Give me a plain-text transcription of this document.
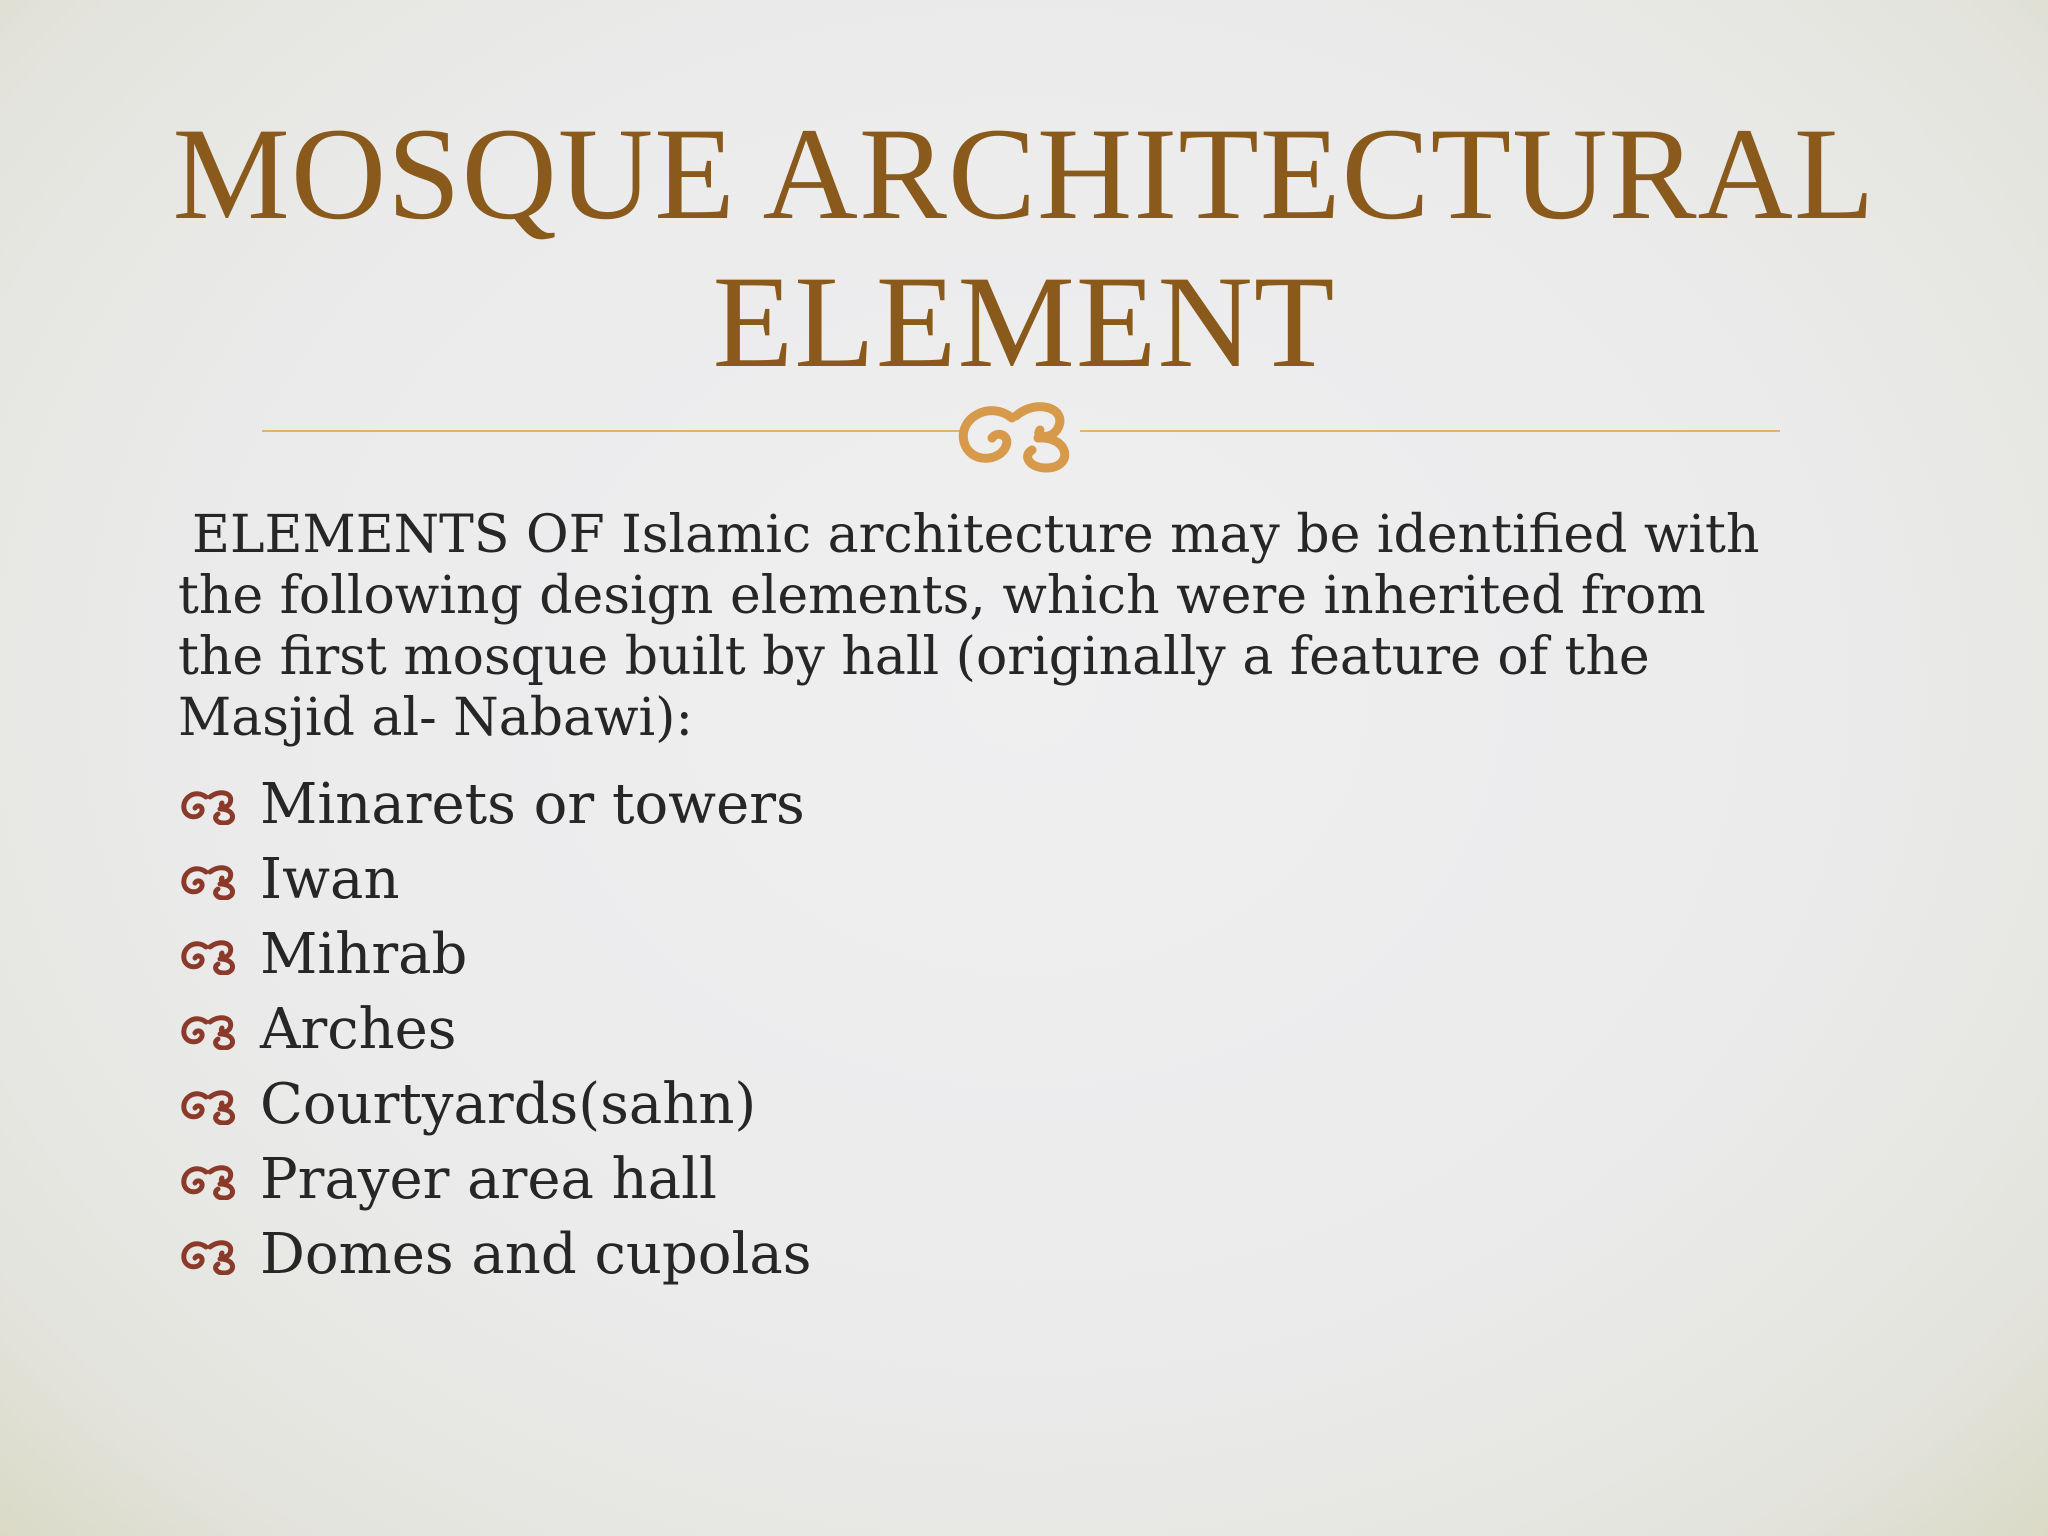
MOSQUE ARCHITECTURAL
ELEMENT
ELEMENTS OF Islamic architecture may be identified with
the following design elements, which were inherited from
the first mosque built by hall (originally a feature of the
Masjid al- Nabawi):
Minarets or towers
Iwan
Mihrab
Arches
Courtyards(sahn)
Prayer area hall
Domes and cupolas
